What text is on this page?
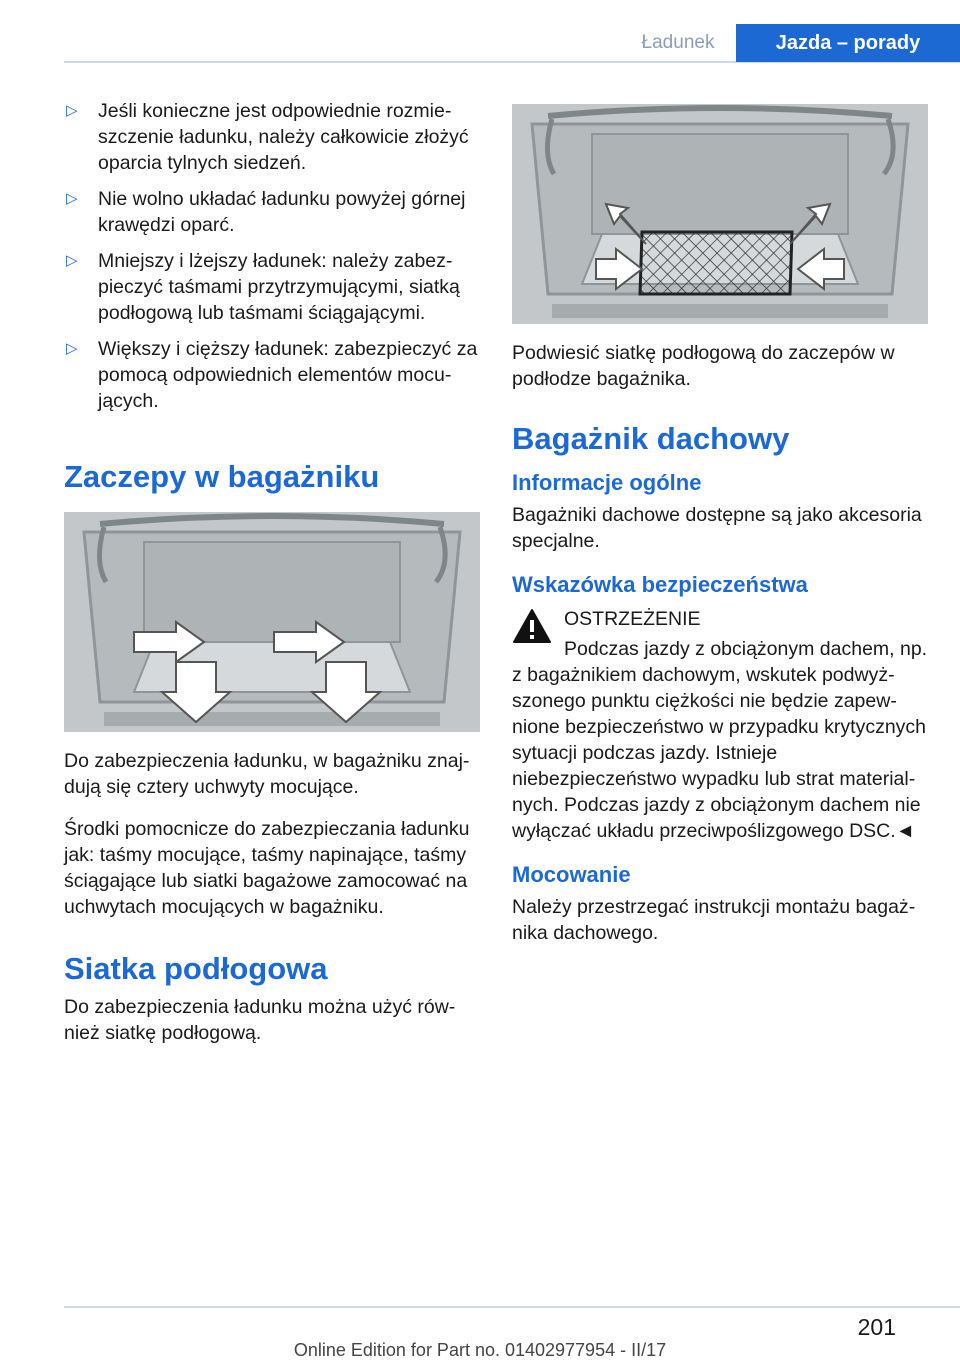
Ładunek	Jazda – porady
▷ Jeśli konieczne jest odpowiednie rozmieszczenie ładunku, należy całkowicie złożyć oparcia tylnych siedzeń.
▷ Nie wolno układać ładunku powyżej górnej krawędzi oparć.
▷ Mniejszy i lżejszy ładunek: należy zabezpieczyć taśmami przytrzymującymi, siatką podłogową lub taśmami ściągającymi.
▷ Większy i cięższy ładunek: zabezpieczyć za pomocą odpowiednich elementów mocujących.
Zaczepy w bagażniku

Do zabezpieczenia ładunku, w bagażniku znajdują się cztery uchwyty mocujące.

Środki pomocnicze do zabezpieczania ładunku jak: taśmy mocujące, taśmy napinające, taśmy ściągające lub siatki bagażowe zamocować na uchwytach mocujących w bagażniku.

Siatka podłogowa

Do zabezpieczenia ładunku można użyć również siatkę podłogową.

Podwiesić siatkę podłogową do zaczepów w podłodze bagażnika.

Bagażnik dachowy
Informacje ogólne

Bagażniki dachowe dostępne są jako akcesoria specjalne.

Wskazówka bezpieczeństwa
OSTRZEŻENIE
Podczas jazdy z obciążonym dachem, np.

z bagażnikiem dachowym, wskutek podwyższonego punktu ciężkości nie będzie zapewnione bezpieczeństwo w przypadku krytycznych sytuacji podczas jazdy. Istnieje niebezpieczeństwo wypadku lub strat materialnych. Podczas jazdy z obciążonym dachem nie wyłączać układu przeciwpoślizgowego DSC.◄

Mocowanie

Należy przestrzegać instrukcji montażu bagażnika dachowego.

201
Online Edition for Part no. 01402977954 - II/17
